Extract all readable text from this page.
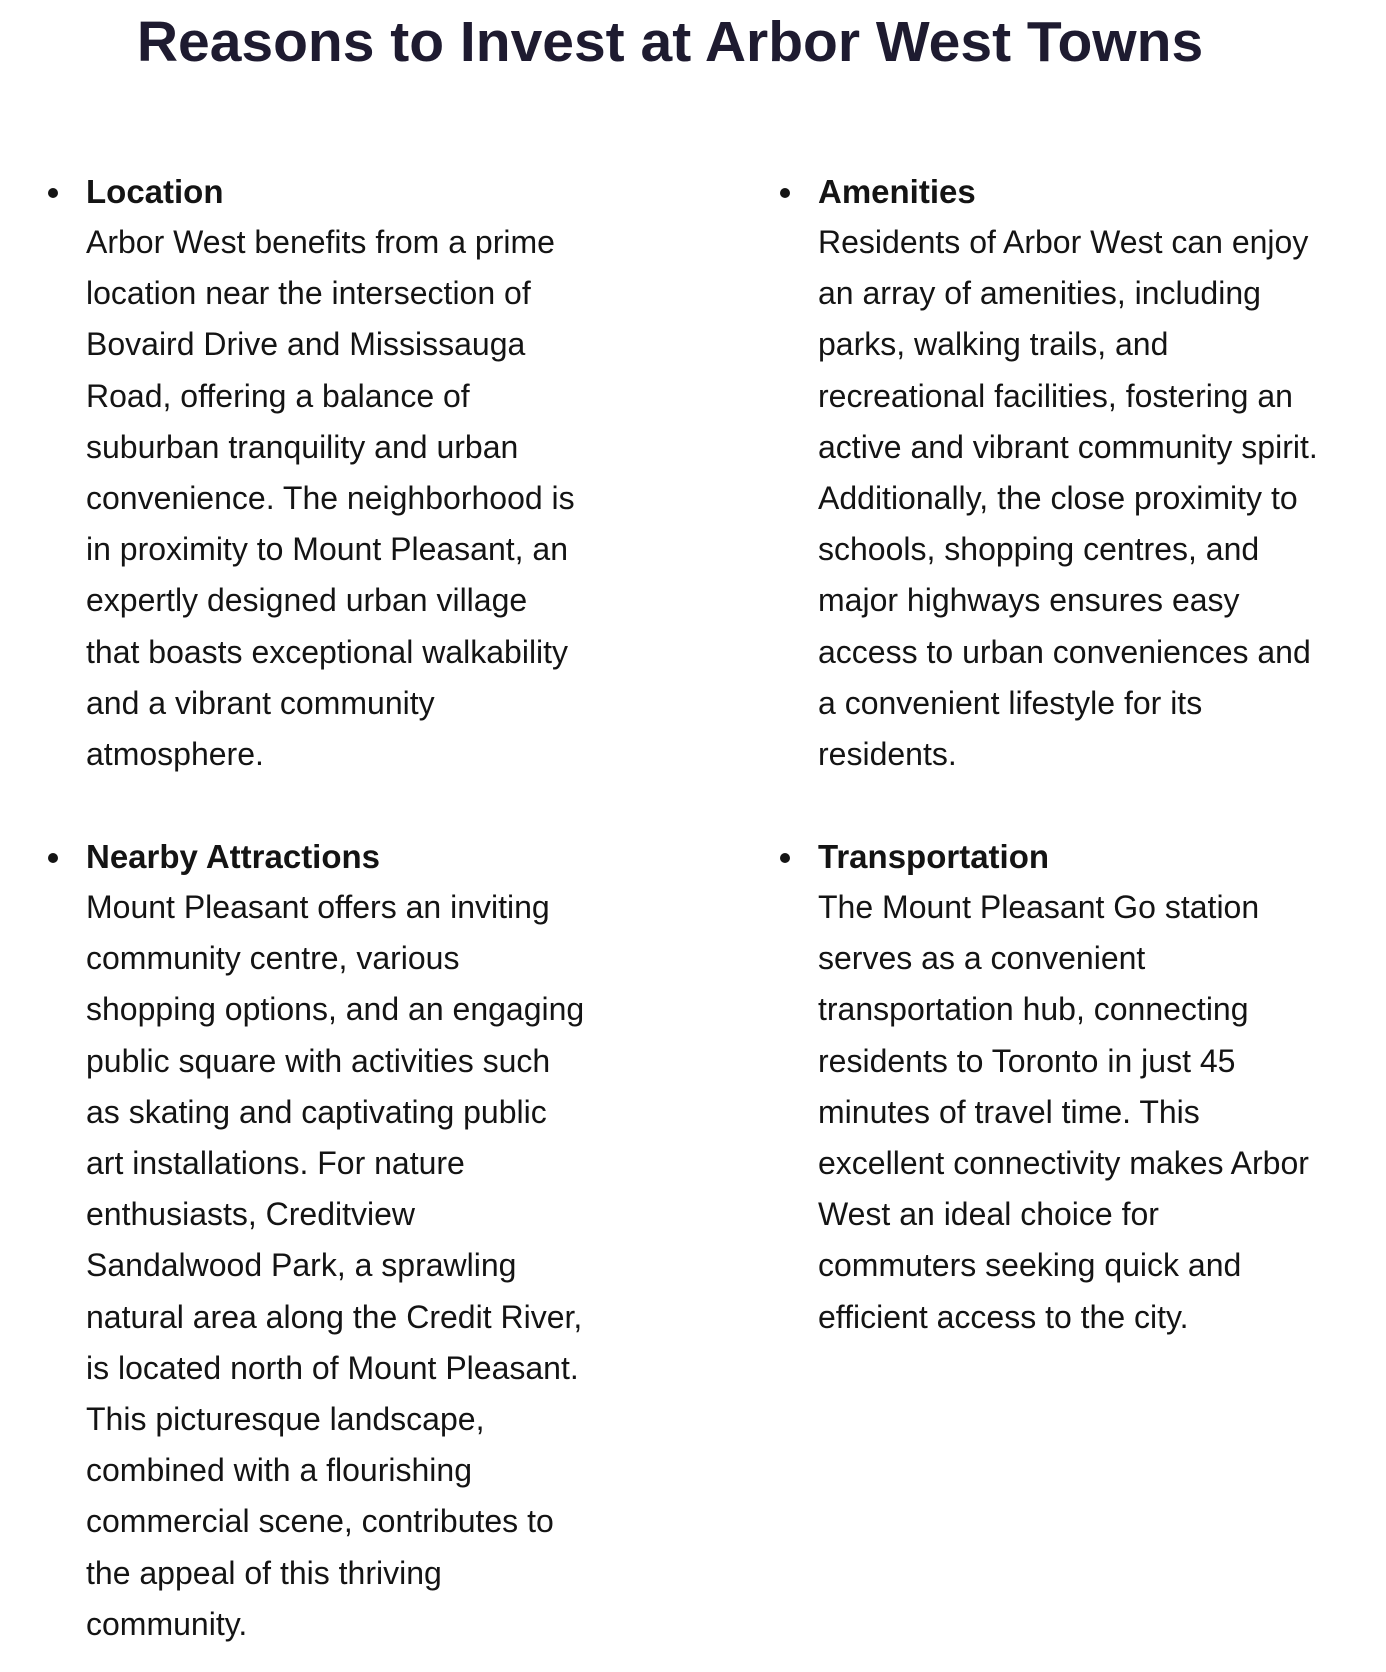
Reasons to Invest at Arbor West Towns
Location

Arbor West benefits from a prime
location near the intersection of
Bovaird Drive and Mississauga
Road, offering a balance of
suburban tranquility and urban
convenience. The neighborhood is
in proximity to Mount Pleasant, an
expertly designed urban village
that boasts exceptional walkability
and a vibrant community
atmosphere.

Amenities

Residents of Arbor West can enjoy
an array of amenities, including
parks, walking trails, and
recreational facilities, fostering an
active and vibrant community spirit.
Additionally, the close proximity to
schools, shopping centres, and
major highways ensures easy
access to urban conveniences and
a convenient lifestyle for its
residents.

Nearby Attractions

Mount Pleasant offers an inviting
community centre, various
shopping options, and an engaging
public square with activities such
as skating and captivating public
art installations. For nature
enthusiasts, Creditview
Sandalwood Park, a sprawling
natural area along the Credit River,
is located north of Mount Pleasant.
This picturesque landscape,
combined with a flourishing
commercial scene, contributes to
the appeal of this thriving
community.

Transportation

The Mount Pleasant Go station
serves as a convenient
transportation hub, connecting
residents to Toronto in just 45
minutes of travel time. This
excellent connectivity makes Arbor
West an ideal choice for
commuters seeking quick and
efficient access to the city.
